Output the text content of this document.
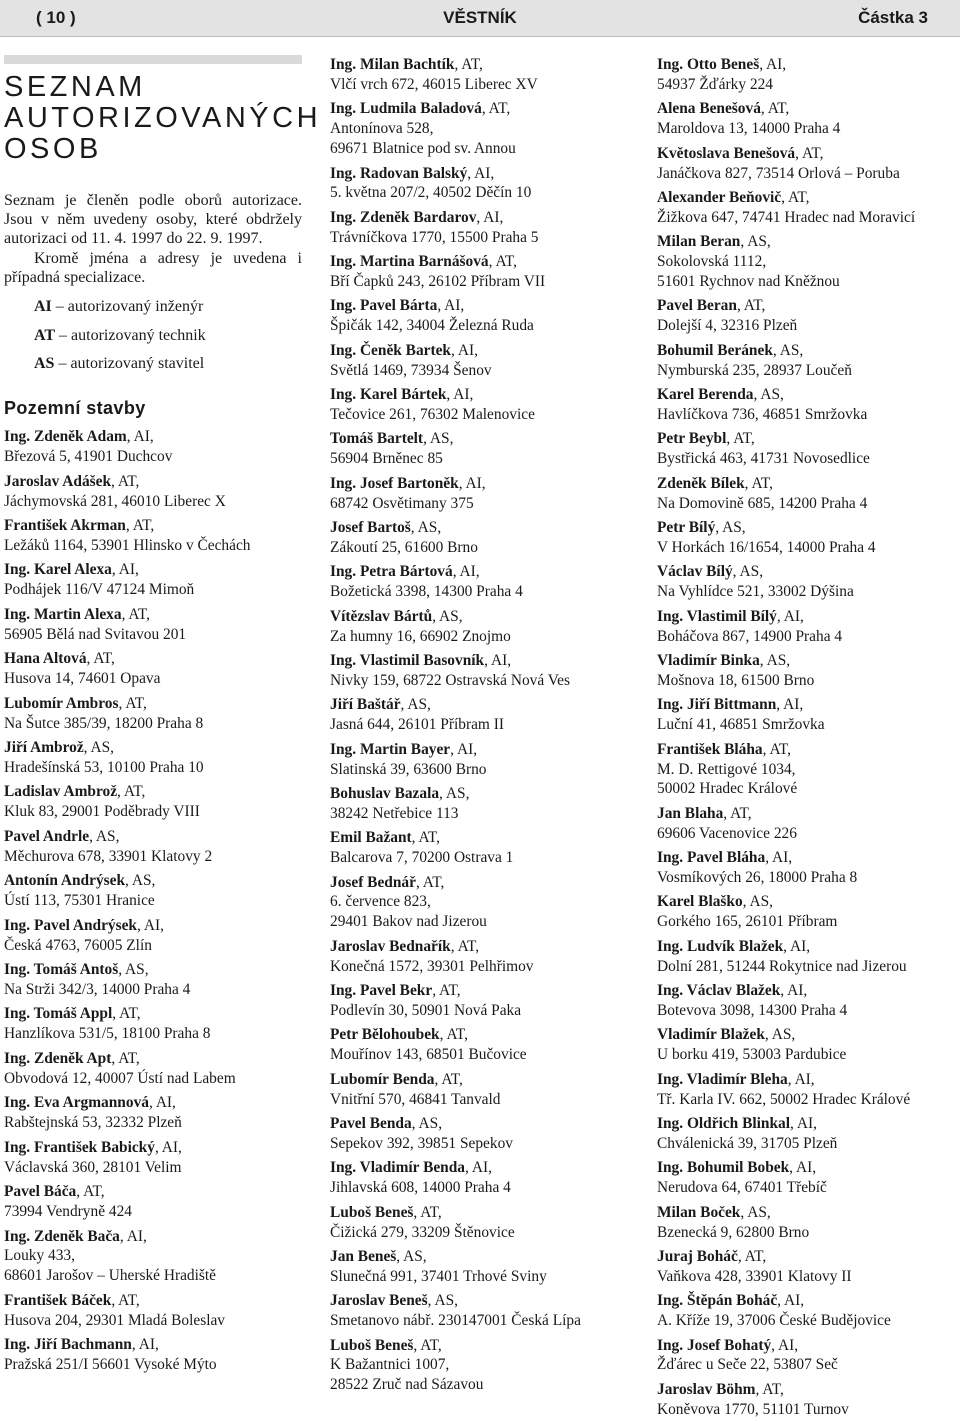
( 10 )	VĚSTNÍK	Částka 3
SEZNAM
AUTORIZOVANÝCH
OSOB

Seznam je členěn podle oborů autorizace. Jsou v něm uvedeny osoby, které obdržely autorizaci od 11. 4. 1997 do 22. 9. 1997.

Kromě jména a adresy je uvedena i případná specializace.

AI – autorizovaný inženýr

AT – autorizovaný technik

AS – autorizovaný stavitel

Pozemní stavby
Ing. Zdeněk Adam, AI,
Březová 5, 41901 Duchcov
Jaroslav Adášek, AT,
Jáchymovská 281, 46010 Liberec X
František Akrman, AT,
Ležáků 1164, 53901 Hlinsko v Čechách
Ing. Karel Alexa, AI,
Podhájek 116/V 47124 Mimoň
Ing. Martin Alexa, AT,
56905 Bělá nad Svitavou 201
Hana Altová, AT,
Husova 14, 74601 Opava
Lubomír Ambros, AT,
Na Šutce 385/39, 18200 Praha 8
Jiří Ambrož, AS,
Hradešínská 53, 10100 Praha 10
Ladislav Ambrož, AT,
Kluk 83, 29001 Poděbrady VIII
Pavel Andrle, AS,
Měchurova 678, 33901 Klatovy 2
Antonín Andrýsek, AS,
Ústí 113, 75301 Hranice
Ing. Pavel Andrýsek, AI,
Česká 4763, 76005 Zlín
Ing. Tomáš Antoš, AS,
Na Strži 342/3, 14000 Praha 4
Ing. Tomáš Appl, AT,
Hanzlíkova 531/5, 18100 Praha 8
Ing. Zdeněk Apt, AT,
Obvodová 12, 40007 Ústí nad Labem
Ing. Eva Argmannová, AI,
Rabštejnská 53, 32332 Plzeň
Ing. František Babický, AI,
Václavská 360, 28101 Velim
Pavel Báča, AT,
73994 Vendryně 424
Ing. Zdeněk Bača, AI,
Louky 433,
68601 Jarošov – Uherské Hradiště
František Báček, AT,
Husova 204, 29301 Mladá Boleslav
Ing. Jiří Bachmann, AI,
Pražská 251/I 56601 Vysoké Mýto
Ing. Milan Bachtík, AT,
Vlčí vrch 672, 46015 Liberec XV
Ing. Ludmila Baladová, AT,
Antonínova 528,
69671 Blatnice pod sv. Annou
Ing. Radovan Balský, AI,
5. května 207/2, 40502 Děčín 10
Ing. Zdeněk Bardarov, AI,
Trávníčkova 1770, 15500 Praha 5
Ing. Martina Barnášová, AT,
Bří Čapků 243, 26102 Příbram VII
Ing. Pavel Bárta, AI,
Špičák 142, 34004 Železná Ruda
Ing. Čeněk Bartek, AI,
Světlá 1469, 73934 Šenov
Ing. Karel Bártek, AI,
Tečovice 261, 76302 Malenovice
Tomáš Bartelt, AS,
56904 Brněnec 85
Ing. Josef Bartoněk, AI,
68742 Osvětimany 375
Josef Bartoš, AS,
Zákoutí 25, 61600 Brno
Ing. Petra Bártová, AI,
Božetická 3398, 14300 Praha 4
Vítězslav Bártů, AS,
Za humny 16, 66902 Znojmo
Ing. Vlastimil Basovník, AI,
Nivky 159, 68722 Ostravská Nová Ves
Jiří Baštář, AS,
Jasná 644, 26101 Příbram II
Ing. Martin Bayer, AI,
Slatinská 39, 63600 Brno
Bohuslav Bazala, AS,
38242 Netřebice 113
Emil Bažant, AT,
Balcarova 7, 70200 Ostrava 1
Josef Bednář, AT,
6. července 823,
29401 Bakov nad Jizerou
Jaroslav Bednařík, AT,
Konečná 1572, 39301 Pelhřimov
Ing. Pavel Bekr, AT,
Podlevín 30, 50901 Nová Paka
Petr Bělohoubek, AT,
Mouřínov 143, 68501 Bučovice
Lubomír Benda, AT,
Vnitřní 570, 46841 Tanvald
Pavel Benda, AS,
Sepekov 392, 39851 Sepekov
Ing. Vladimír Benda, AI,
Jihlavská 608, 14000 Praha 4
Luboš Beneš, AT,
Čižická 279, 33209 Štěnovice
Jan Beneš, AS,
Slunečná 991, 37401 Trhové Sviny
Jaroslav Beneš, AS,
Smetanovo nábř. 230147001 Česká Lípa
Luboš Beneš, AT,
K Bažantnici 1007,
28522 Zruč nad Sázavou
Ing. Otto Beneš, AI,
54937 Žďárky 224
Alena Benešová, AT,
Maroldova 13, 14000 Praha 4
Květoslava Benešová, AT,
Janáčkova 827, 73514 Orlová – Poruba
Alexander Beňovič, AT,
Žižkova 647, 74741 Hradec nad Moravicí
Milan Beran, AS,
Sokolovská 1112,
51601 Rychnov nad Kněžnou
Pavel Beran, AT,
Dolejší 4, 32316 Plzeň
Bohumil Beránek, AS,
Nymburská 235, 28937 Loučeň
Karel Berenda, AS,
Havlíčkova 736, 46851 Smržovka
Petr Beybl, AT,
Bystřická 463, 41731 Novosedlice
Zdeněk Bílek, AT,
Na Domovině 685, 14200 Praha 4
Petr Bílý, AS,
V Horkách 16/1654, 14000 Praha 4
Václav Bílý, AS,
Na Vyhlídce 521, 33002 Dýšina
Ing. Vlastimil Bílý, AI,
Boháčova 867, 14900 Praha 4
Vladimír Binka, AS,
Mošnova 18, 61500 Brno
Ing. Jiří Bittmann, AI,
Luční 41, 46851 Smržovka
František Bláha, AT,
M. D. Rettigové 1034,
50002 Hradec Králové
Jan Blaha, AT,
69606 Vacenovice 226
Ing. Pavel Bláha, AI,
Vosmíkových 26, 18000 Praha 8
Karel Blaško, AS,
Gorkého 165, 26101 Příbram
Ing. Ludvík Blažek, AI,
Dolní 281, 51244 Rokytnice nad Jizerou
Ing. Václav Blažek, AI,
Botevova 3098, 14300 Praha 4
Vladimír Blažek, AS,
U borku 419, 53003 Pardubice
Ing. Vladimír Bleha, AI,
Tř. Karla IV. 662, 50002 Hradec Králové
Ing. Oldřich Blinkal, AI,
Chválenická 39, 31705 Plzeň
Ing. Bohumil Bobek, AI,
Nerudova 64, 67401 Třebíč
Milan Boček, AS,
Bzenecká 9, 62800 Brno
Juraj Boháč, AT,
Vaňkova 428, 33901 Klatovy II
Ing. Štěpán Boháč, AI,
A. Kříže 19, 37006 České Budějovice
Ing. Josef Bohatý, AI,
Žďárec u Seče 22, 53807 Seč
Jaroslav Böhm, AT,
Koněvova 1770, 51101 Turnov
